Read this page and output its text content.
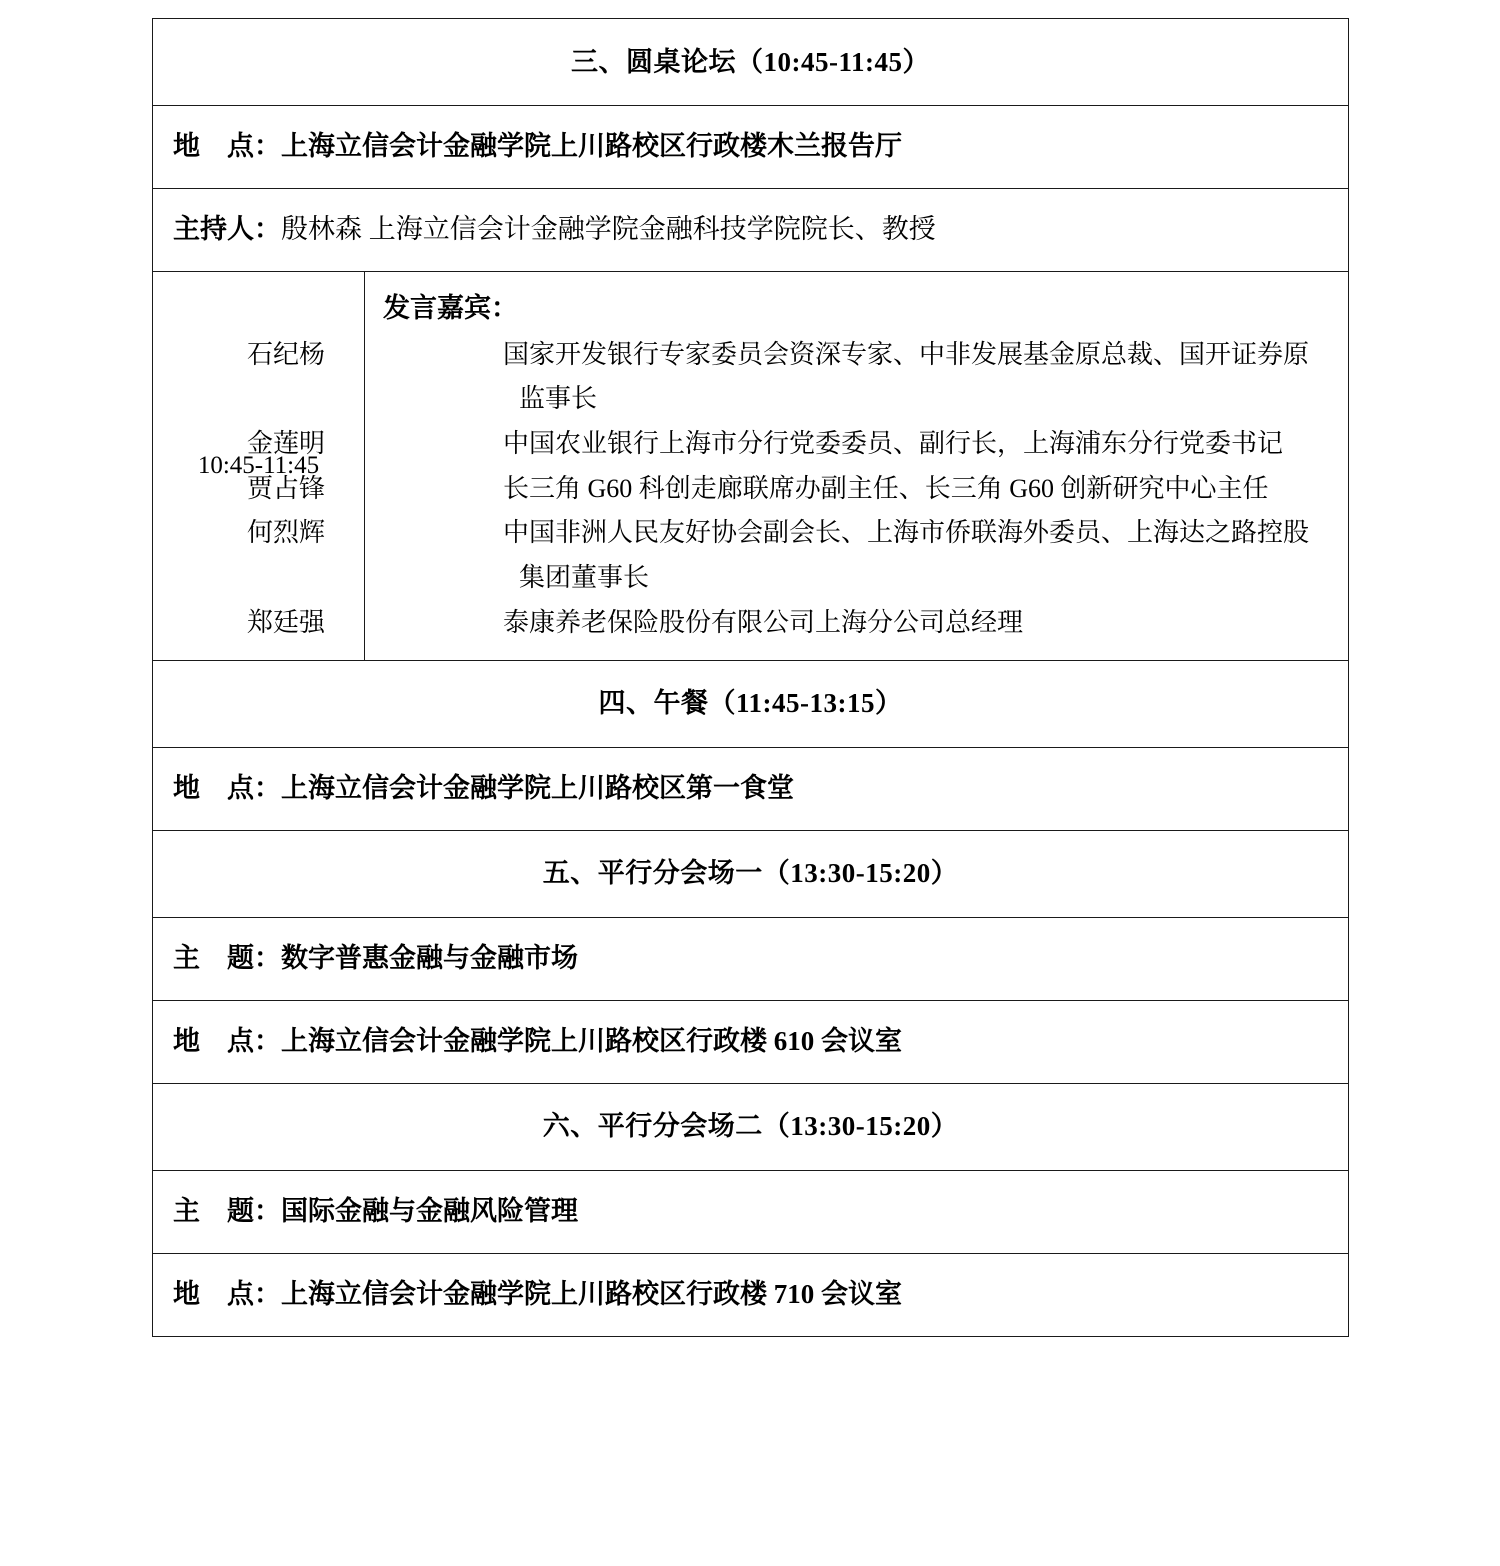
三、圆桌论坛（10:45-11:45）

地　点：上海立信会计金融学院上川路校区行政楼木兰报告厅

主持人：殷林森 上海立信会计金融学院金融科技学院院长、教授

10:45-11:45	
发言嘉宾：
石纪杨	国家开发银行专家委员会资深专家、中非发展基金原总裁、国开证券原监事长
金莲明	中国农业银行上海市分行党委委员、副行长，上海浦东分行党委书记
贾占锋	长三角 G60 科创走廊联席办副主任、长三角 G60 创新研究中心主任
何烈辉	中国非洲人民友好协会副会长、上海市侨联海外委员、上海达之路控股集团董事长
郑廷强	泰康养老保险股份有限公司上海分公司总经理

四、午餐（11:45-13:15）

地　点：上海立信会计金融学院上川路校区第一食堂

五、平行分会场一（13:30-15:20）

主　题：数字普惠金融与金融市场

地　点：上海立信会计金融学院上川路校区行政楼 610 会议室

六、平行分会场二（13:30-15:20）

主　题：国际金融与金融风险管理

地　点：上海立信会计金融学院上川路校区行政楼 710 会议室
